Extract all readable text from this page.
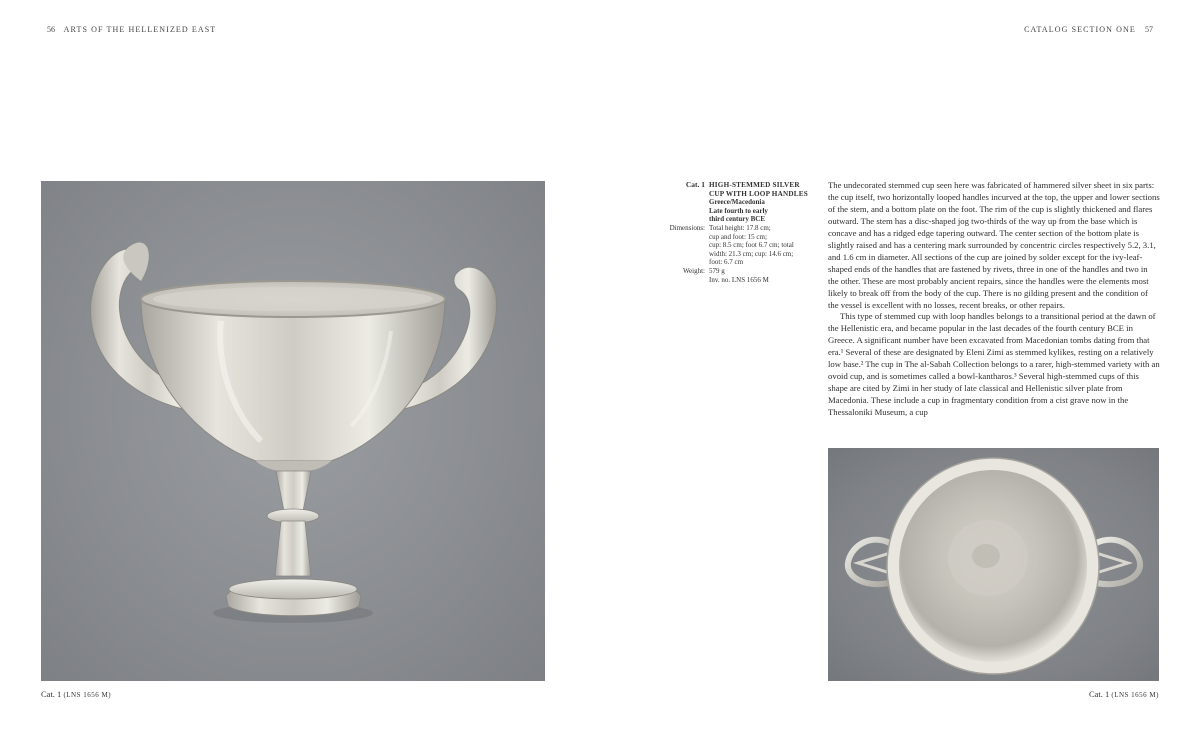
56 ARTS OF THE HELLENIZED EAST	CATALOG SECTION ONE 57
Cat. 1 (LNS 1656 M)	Cat. 1 (LNS 1656 M)
Cat. 1 HIGH-STEMMED SILVER
CUP WITH LOOP HANDLES
Greece/Macedonia
Late fourth to early
third century BCE
Dimensions: Total height: 17.8 cm;
cup and foot: 15 cm;
cup: 8.5 cm; foot 6.7 cm; total
width: 21.3 cm; cup: 14.6 cm;
foot: 6.7 cm
Weight: 579 g
Inv. no. LNS 1656 M

The undecorated stemmed cup seen here was fabricated of hammered silver sheet in six parts: the cup itself, two horizontally looped handles incurved at the top, the upper and lower sections of the stem, and a bottom plate on the foot. The rim of the cup is slightly thickened and flares outward. The stem has a disc-shaped jog two-thirds of the way up from the base which is concave and has a ridged edge tapering outward. The center section of the bottom plate is slightly raised and has a centering mark surrounded by concentric circles respectively 5.2, 3.1, and 1.6 cm in diameter. All sections of the cup are joined by solder except for the ivy-leaf-shaped ends of the handles that are fastened by rivets, three in one of the handles and two in the other. These are most probably ancient repairs, since the handles were the elements most likely to break off from the body of the cup. There is no gilding present and the condition of the vessel is excellent with no losses, recent breaks, or other repairs.

This type of stemmed cup with loop handles belongs to a transitional period at the dawn of the Hellenistic era, and became popular in the last decades of the fourth century BCE in Greece. A significant number have been excavated from Macedonian tombs dating from that era.¹ Several of these are designated by Eleni Zimi as stemmed kylikes, resting on a relatively low base.² The cup in The al-Sabah Collection belongs to a rarer, high-stemmed variety with an ovoid cup, and is sometimes called a bowl-kantharos.³ Several high-stemmed cups of this shape are cited by Zimi in her study of late classical and Hellenistic silver plate from Macedonia. These include a cup in fragmentary condition from a cist grave now in the Thessaloniki Museum, a cup
